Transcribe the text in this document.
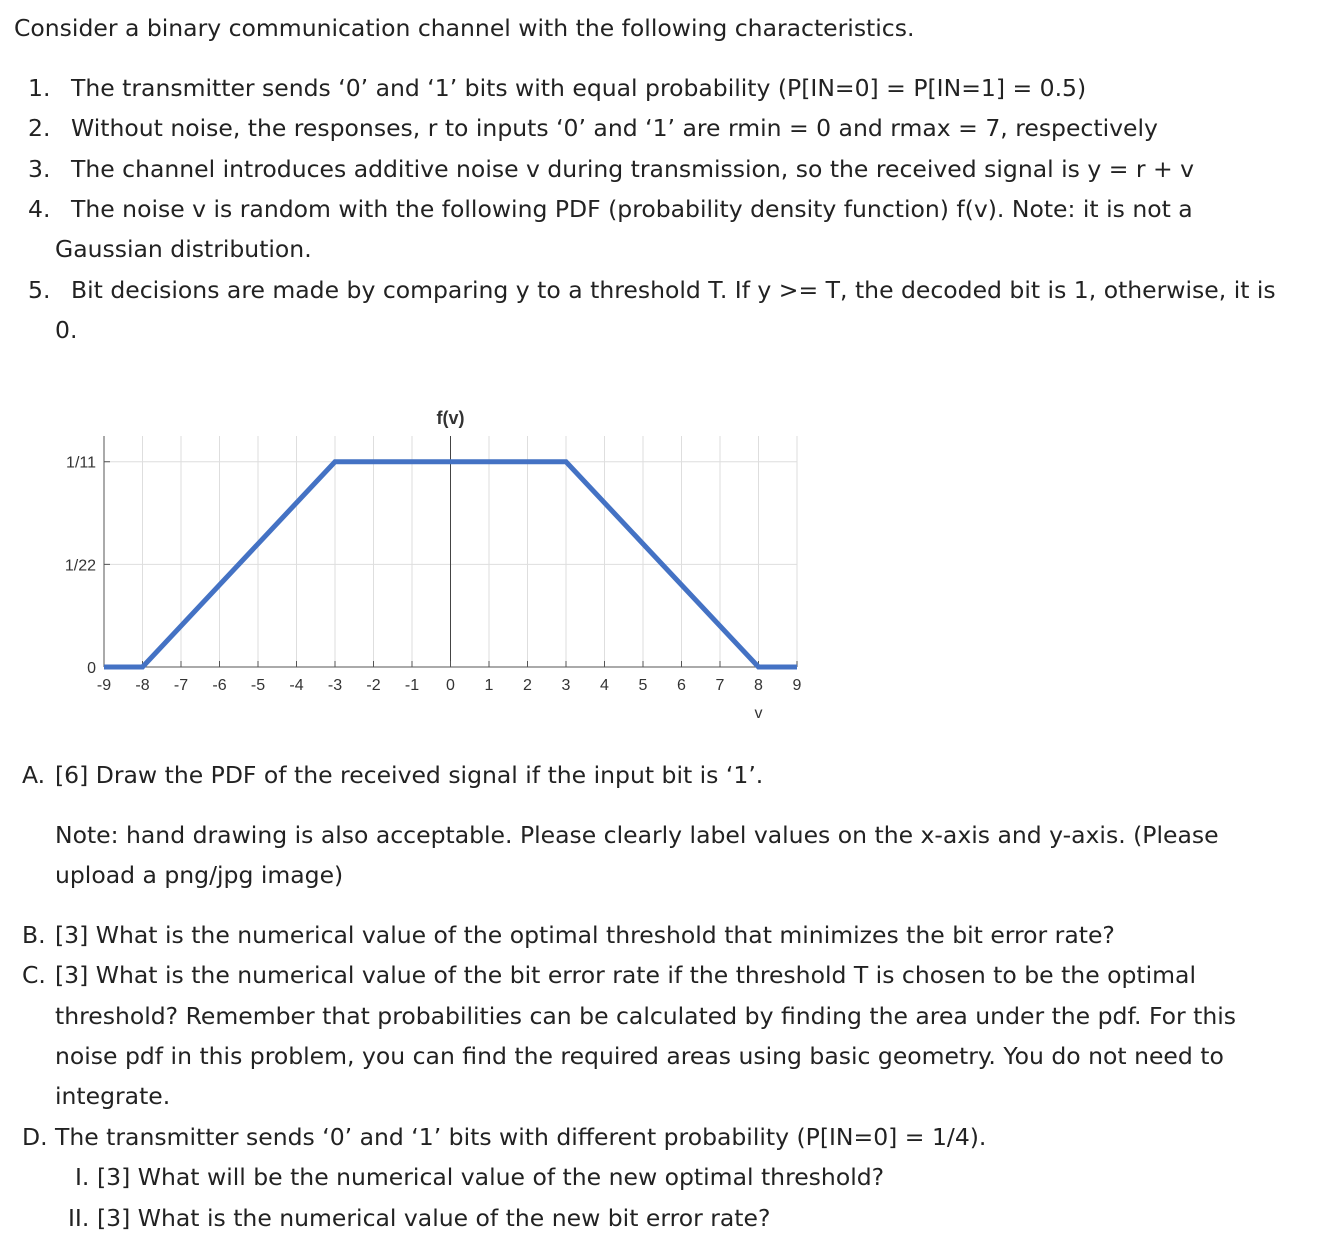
Consider a binary communication channel with the following characteristics.
1. The transmitter sends ‘0’ and ‘1’ bits with equal probability (P[IN=0] = P[IN=1] = 0.5)
2. Without noise, the responses, r to inputs ‘0’ and ‘1’ are rmin = 0 and rmax = 7, respectively
3. The channel introduces additive noise v during transmission, so the received signal is y = r + v
4. The noise v is random with the following PDF (probability density function) f(v). Note: it is not a
Gaussian distribution.
5. Bit decisions are made by comparing y to a threshold T. If y >= T, the decoded bit is 1, otherwise, it is
0.
-9 -8 -7 -6 -5 -4 -3 -2 -1 0 1 2 3 4 5 6 7 8 9
0
1/22
1/11
f(v)
v
A. [6] Draw the PDF of the received signal if the input bit is ‘1’.
Note: hand drawing is also acceptable. Please clearly label values on the x-axis and y-axis. (Please
upload a png/jpg image)
B. [3] What is the numerical value of the optimal threshold that minimizes the bit error rate?
C. [3] What is the numerical value of the bit error rate if the threshold T is chosen to be the optimal
threshold? Remember that probabilities can be calculated by finding the area under the pdf. For this
noise pdf in this problem, you can find the required areas using basic geometry. You do not need to
integrate.
D. The transmitter sends ‘0’ and ‘1’ bits with different probability (P[IN=0] = 1/4).
I. [3] What will be the numerical value of the new optimal threshold?
II. [3] What is the numerical value of the new bit error rate?
